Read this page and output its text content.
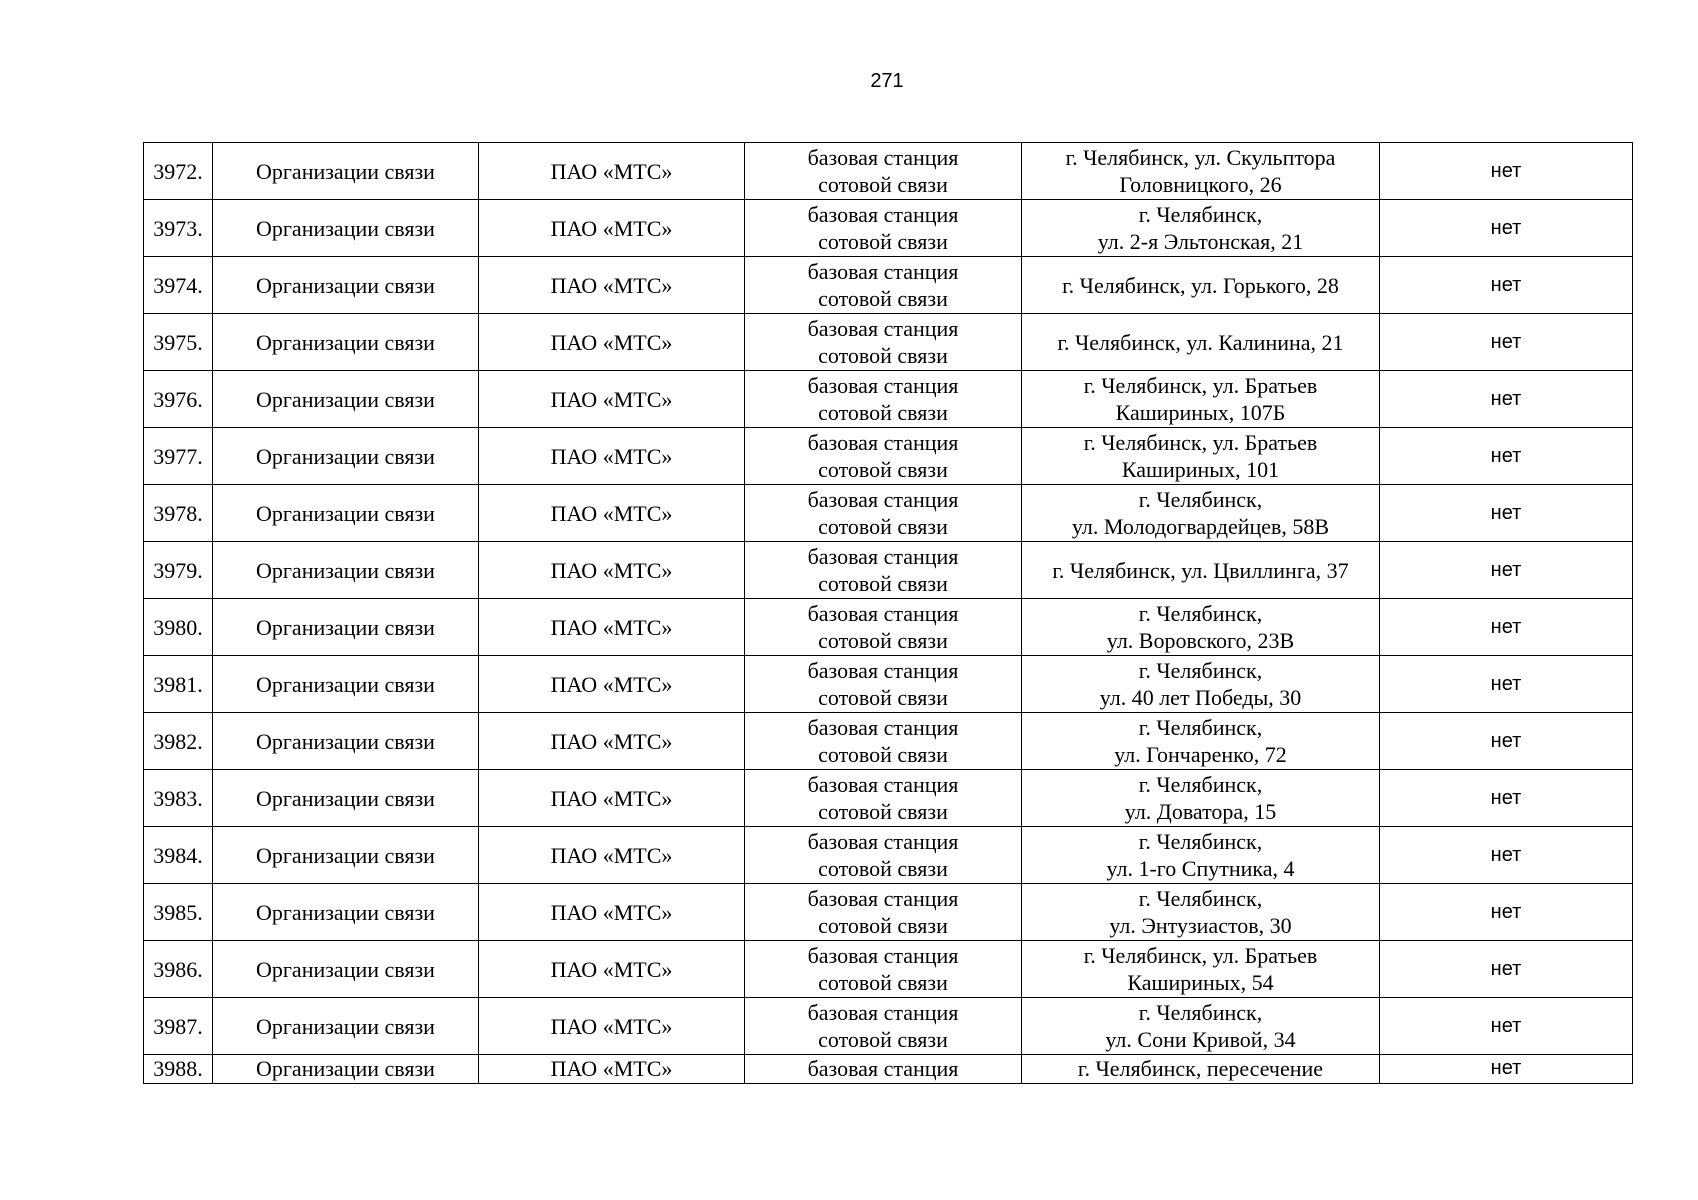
271
3972.	Организации связи	ПАО «МТС»	базовая станция
сотовой связи	г. Челябинск, ул. Скульптора
Головницкого, 26	нет

3973.	Организации связи	ПАО «МТС»	базовая станция
сотовой связи	г. Челябинск,
ул. 2-я Эльтонская, 21	нет

3974.	Организации связи	ПАО «МТС»	базовая станция
сотовой связи	г. Челябинск, ул. Горького, 28	нет

3975.	Организации связи	ПАО «МТС»	базовая станция
сотовой связи	г. Челябинск, ул. Калинина, 21	нет

3976.	Организации связи	ПАО «МТС»	базовая станция
сотовой связи	г. Челябинск, ул. Братьев
Кашириных, 107Б	нет

3977.	Организации связи	ПАО «МТС»	базовая станция
сотовой связи	г. Челябинск, ул. Братьев
Кашириных, 101	нет

3978.	Организации связи	ПАО «МТС»	базовая станция
сотовой связи	г. Челябинск,
ул. Молодогвардейцев, 58В	нет

3979.	Организации связи	ПАО «МТС»	базовая станция
сотовой связи	г. Челябинск, ул. Цвиллинга, 37	нет

3980.	Организации связи	ПАО «МТС»	базовая станция
сотовой связи	г. Челябинск,
ул. Воровского, 23В	нет

3981.	Организации связи	ПАО «МТС»	базовая станция
сотовой связи	г. Челябинск,
ул. 40 лет Победы, 30	нет

3982.	Организации связи	ПАО «МТС»	базовая станция
сотовой связи	г. Челябинск,
ул. Гончаренко, 72	нет

3983.	Организации связи	ПАО «МТС»	базовая станция
сотовой связи	г. Челябинск,
ул. Доватора, 15	нет

3984.	Организации связи	ПАО «МТС»	базовая станция
сотовой связи	г. Челябинск,
ул. 1-го Спутника, 4	нет

3985.	Организации связи	ПАО «МТС»	базовая станция
сотовой связи	г. Челябинск,
ул. Энтузиастов, 30	нет

3986.	Организации связи	ПАО «МТС»	базовая станция
сотовой связи	г. Челябинск, ул. Братьев
Кашириных, 54	нет

3987.	Организации связи	ПАО «МТС»	базовая станция
сотовой связи	г. Челябинск,
ул. Сони Кривой, 34	нет

3988.	Организации связи	ПАО «МТС»	базовая станция	г. Челябинск, пересечение	нет
